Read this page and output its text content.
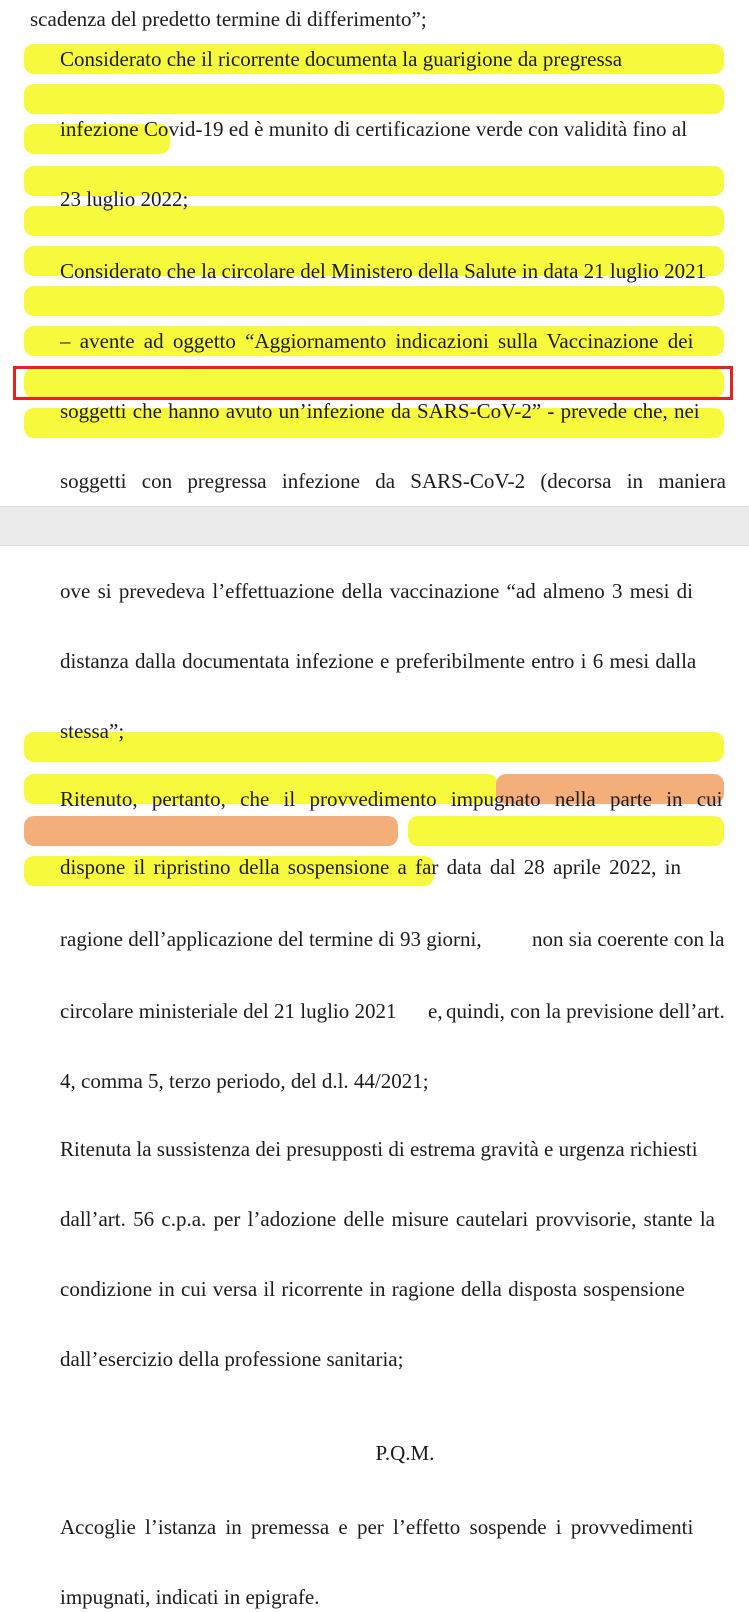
scadenza del predetto termine di differimento”;
Considerato che il ricorrente documenta la guarigione da pregressa
infezione Covid-19 ed è munito di certificazione verde con validità fino al
23 luglio 2022;
Considerato che la circolare del Ministero della Salute in data 21 luglio 2021
– avente ad oggetto “Aggiornamento indicazioni sulla Vaccinazione dei
soggetti che hanno avuto un’infezione da SARS-CoV-2” - prevede che, nei
soggetti con pregressa infezione da SARS-CoV-2 (decorsa in maniera
ove si prevedeva l’effettuazione della vaccinazione “ad almeno 3 mesi di
distanza dalla documentata infezione e preferibilmente entro i 6 mesi dalla
stessa”;
Ritenuto, pertanto, che il provvedimento impugnato nella parte in cui
dispone il ripristino della sospensione a far data dal 28 aprile 2022, in
ragione dell’applicazione del termine di 93 giorni, non sia coerente con la
circolare ministeriale del 21 luglio 2021 e, quindi, con la previsione dell’art.
4, comma 5, terzo periodo, del d.l. 44/2021;
Ritenuta la sussistenza dei presupposti di estrema gravità e urgenza richiesti
dall’art. 56 c.p.a. per l’adozione delle misure cautelari provvisorie, stante la
condizione in cui versa il ricorrente in ragione della disposta sospensione
dall’esercizio della professione sanitaria;
P.Q.M.
Accoglie l’istanza in premessa e per l’effetto sospende i provvedimenti
impugnati, indicati in epigrafe.
